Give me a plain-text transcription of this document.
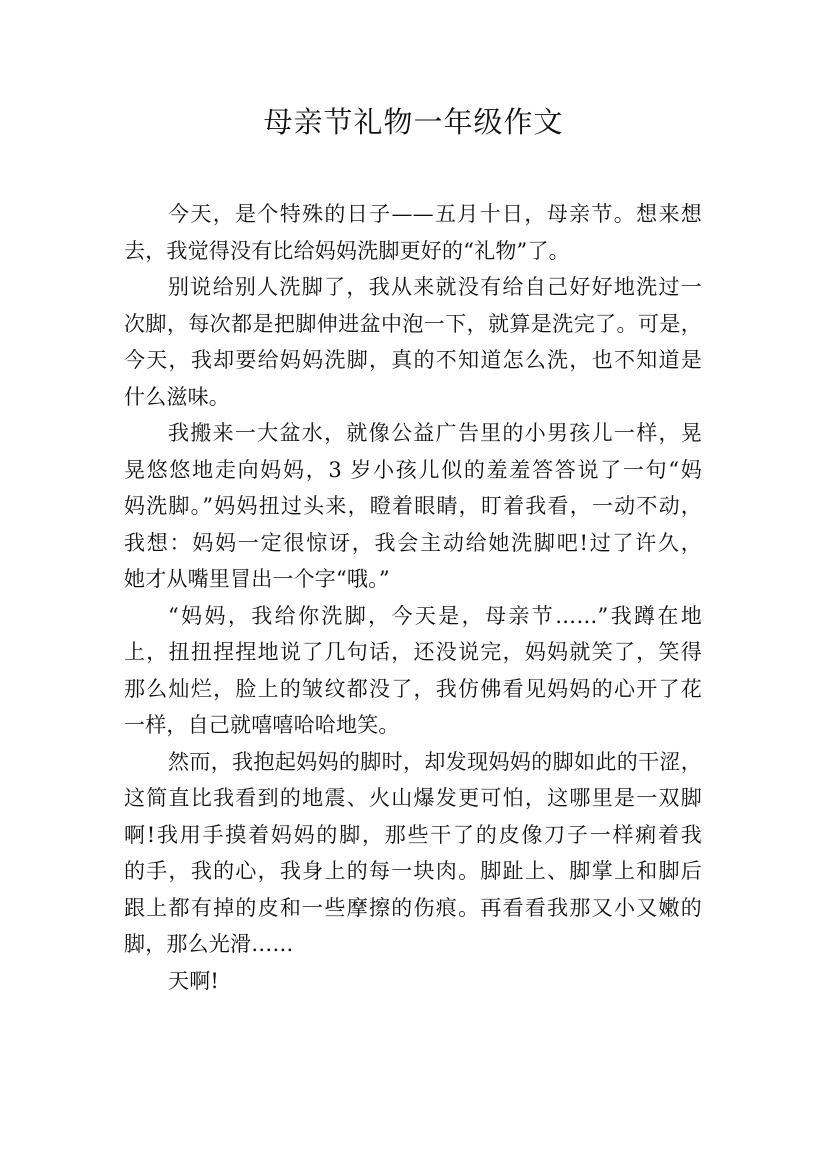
母亲节礼物一年级作文
今天，是个特殊的日子——五月十日，母亲节。想来想
去，我觉得没有比给妈妈洗脚更好的“礼物”了。
别说给别人洗脚了，我从来就没有给自己好好地洗过一
次脚，每次都是把脚伸进盆中泡一下，就算是洗完了。可是，
今天，我却要给妈妈洗脚，真的不知道怎么洗，也不知道是
什么滋味。
我搬来一大盆水，就像公益广告里的小男孩儿一样，晃
晃悠悠地走向妈妈，3 岁小孩儿似的羞羞答答说了一句“妈
妈洗脚。”妈妈扭过头来，瞪着眼睛，盯着我看，一动不动，
我想：妈妈一定很惊讶，我会主动给她洗脚吧!过了许久，
她才从嘴里冒出一个字“哦。”
“妈妈，我给你洗脚，今天是，母亲节……”我蹲在地
上，扭扭捏捏地说了几句话，还没说完，妈妈就笑了，笑得
那么灿烂，脸上的皱纹都没了，我仿佛看见妈妈的心开了花
一样，自己就嘻嘻哈哈地笑。
然而，我抱起妈妈的脚时，却发现妈妈的脚如此的干涩，
这简直比我看到的地震、火山爆发更可怕，这哪里是一双脚
啊!我用手摸着妈妈的脚，那些干了的皮像刀子一样痢着我
的手，我的心，我身上的每一块肉。脚趾上、脚掌上和脚后
跟上都有掉的皮和一些摩擦的伤痕。再看看我那又小又嫩的
脚，那么光滑……
天啊!
